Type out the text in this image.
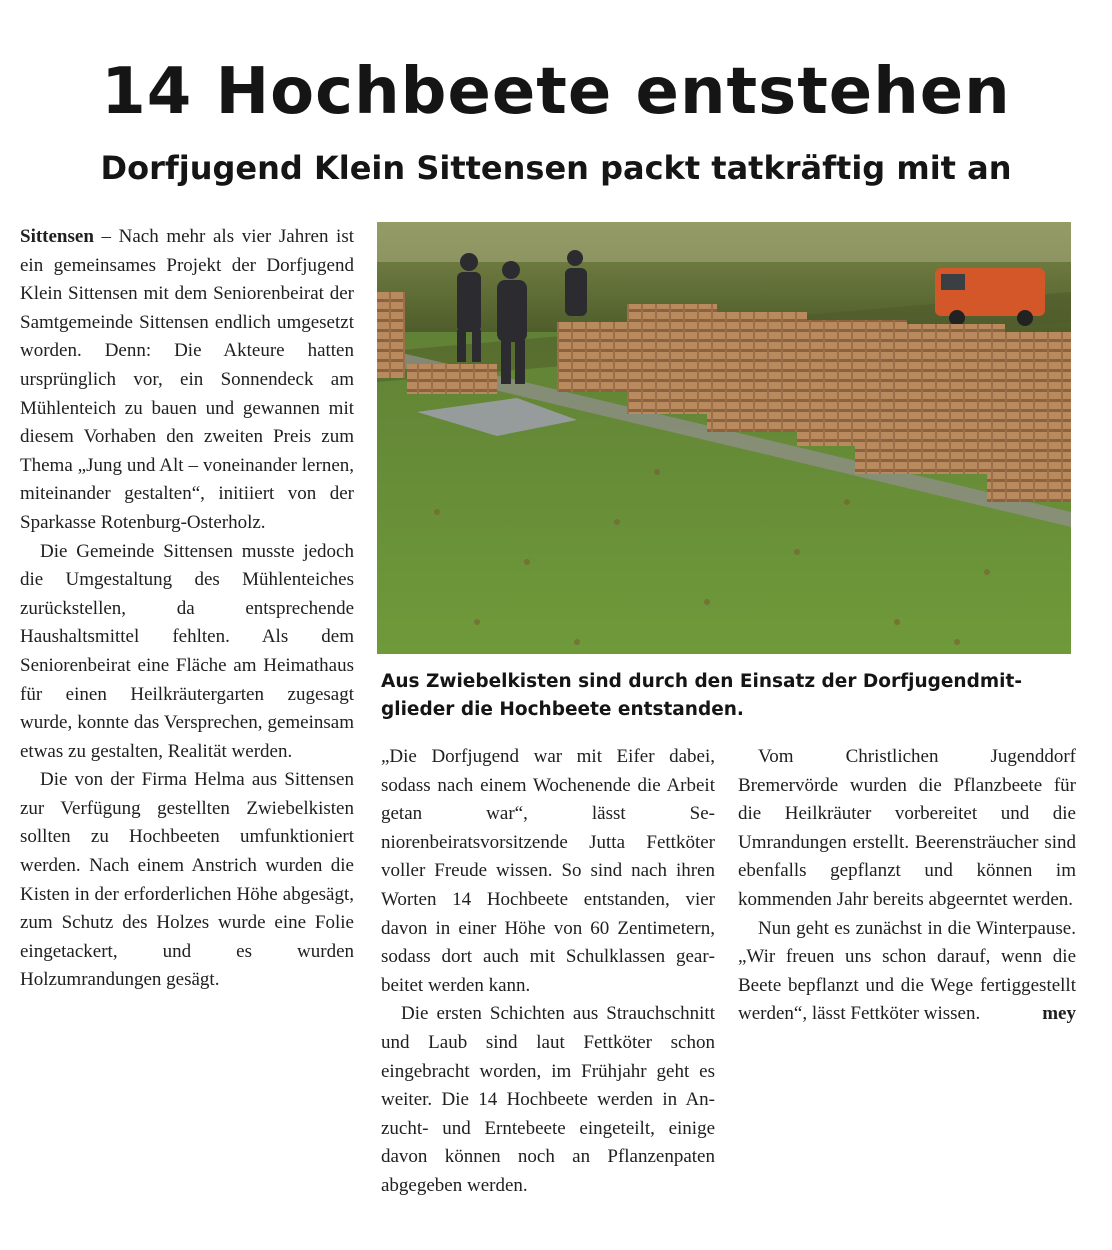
14 Hochbeete entstehen
Dorfjugend Klein Sittensen packt tatkräftig mit an

Sittensen – Nach mehr als vier Jahren ist ein gemeinsames Projekt der Dorfjugend Klein Sittensen mit dem Seniorenbeirat der Samtgemeinde Sittensen endlich umgesetzt worden. Denn: Die Akteure hatten ursprünglich vor, ein Sonnendeck am Mühlenteich zu bauen und gewannen mit diesem Vorhaben den zweiten Preis zum Thema „Jung und Alt – voneinander lernen, miteinander gestalten“, initiiert von der Sparkasse Rotenburg-Osterholz.

Die Gemeinde Sittensen musste jedoch die Umgestaltung des Mühlenteiches zurückstellen, da entsprechende Haushaltsmittel fehlten. Als dem Seniorenbeirat eine Fläche am Heimathaus für einen Heilkräutergarten zugesagt wurde, konnte das Versprechen, gemeinsam etwas zu gestalten, Realität werden.

Die von der Firma Helma aus Sittensen zur Verfügung gestellten Zwiebelkisten sollten zu Hochbeeten umfunktioniert werden. Nach einem Anstrich wurden die Kisten in der erforderlichen Höhe abgesägt, zum Schutz des Holzes wurde eine Folie eingetackert, und es wurden Holzumrandungen gesägt.

Aus Zwiebelkisten sind durch den Einsatz der Dorfjugendmitglieder die Hochbeete entstanden.

„Die Dorfjugend war mit Eifer dabei, sodass nach einem Wochenende die Arbeit getan war“, lässt Seniorenbeiratsvorsitzende Jutta Fettköter voller Freude wissen. So sind nach ihren Worten 14 Hochbeete entstanden, vier davon in einer Höhe von 60 Zentimetern, sodass dort auch mit Schulklassen gearbeitet werden kann.

Die ersten Schichten aus Strauchschnitt und Laub sind laut Fettköter schon eingebracht worden, im Frühjahr geht es weiter. Die 14 Hochbeete werden in Anzucht- und Erntebeete eingeteilt, einige davon können noch an Pflanzenpaten abgegeben werden.

Vom Christlichen Jugenddorf Bremervörde wurden die Pflanzbeete für die Heilkräuter vorbereitet und die Umrandungen erstellt. Beerensträucher sind ebenfalls gepflanzt und können im kommenden Jahr bereits abgeerntet werden.

Nun geht es zunächst in die Winterpause. „Wir freuen uns schon darauf, wenn die Beete bepflanzt und die Wege fertiggestellt werden“, lässt Fettköter wissen.	mey
